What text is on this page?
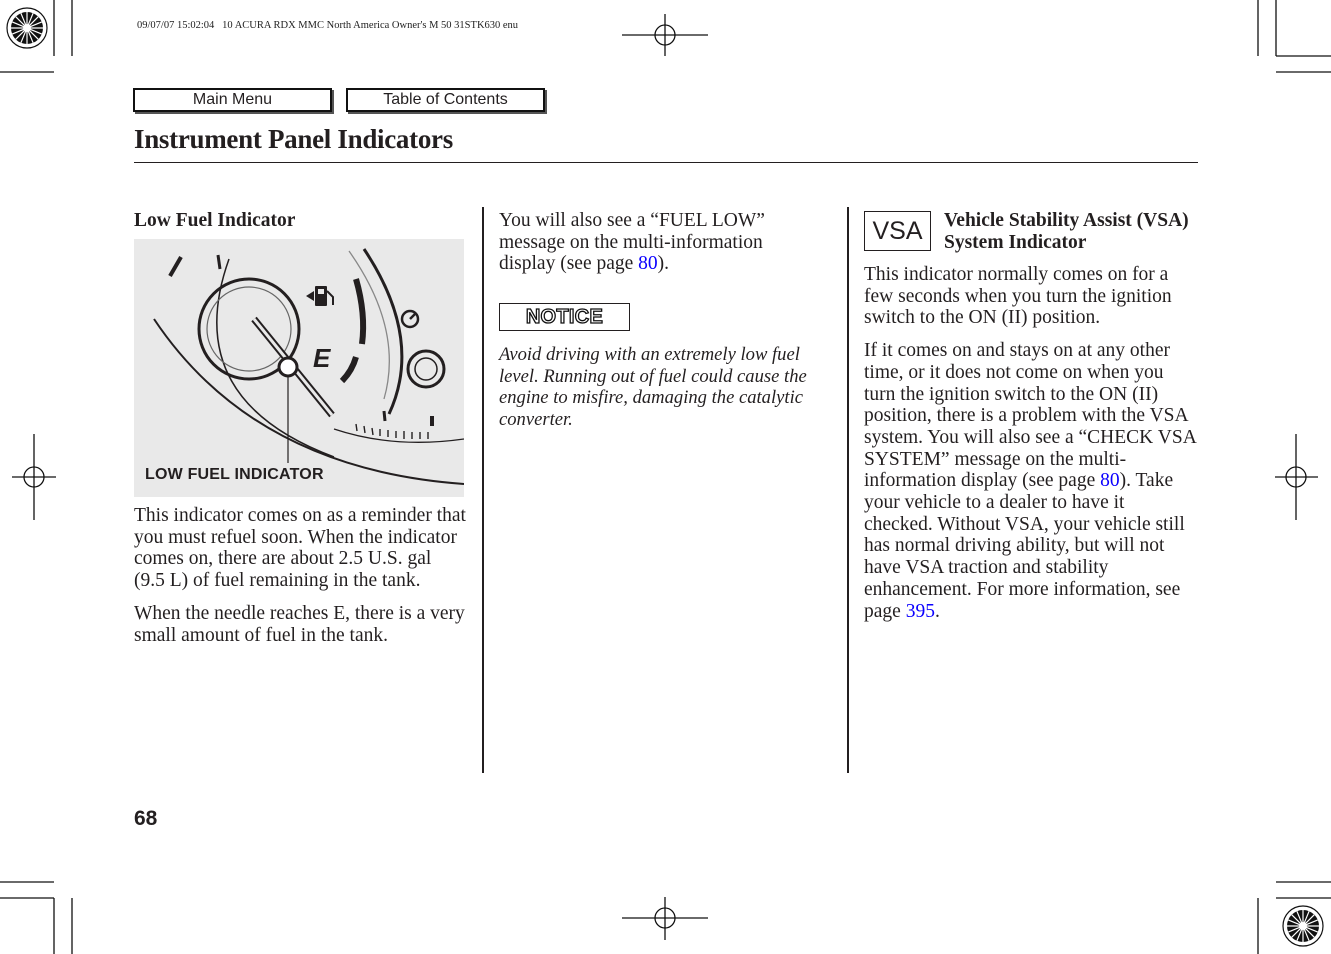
09/07/07 15:02:04   10 ACURA RDX MMC North America Owner's M 50 31STK630 enu
Main Menu	Table of Contents
Instrument Panel Indicators
Low Fuel Indicator
E
LOW FUEL INDICATOR

This indicator comes on as a reminder that you must refuel soon. When the indicator comes on, there are about 2.5 U.S. gal (9.5 L) of fuel remaining in the tank.

When the needle reaches E, there is a very small amount of fuel in the tank.

You will also see a “FUEL LOW” message on the multi-information display (see page 80).
NOTICE
Avoid driving with an extremely low fuel level. Running out of fuel could cause the engine to misfire, damaging the catalytic converter.
VSA	Vehicle Stability Assist (VSA) System Indicator

This indicator normally comes on for a few seconds when you turn the ignition switch to the ON (II) position.

If it comes on and stays on at any other time, or it does not come on when you turn the ignition switch to the ON (II) position, there is a problem with the VSA system. You will also see a “CHECK VSA SYSTEM” message on the multi-information display (see page 80). Take your vehicle to a dealer to have it checked. Without VSA, your vehicle still has normal driving ability, but will not have VSA traction and stability enhancement. For more information, see page 395.

68
